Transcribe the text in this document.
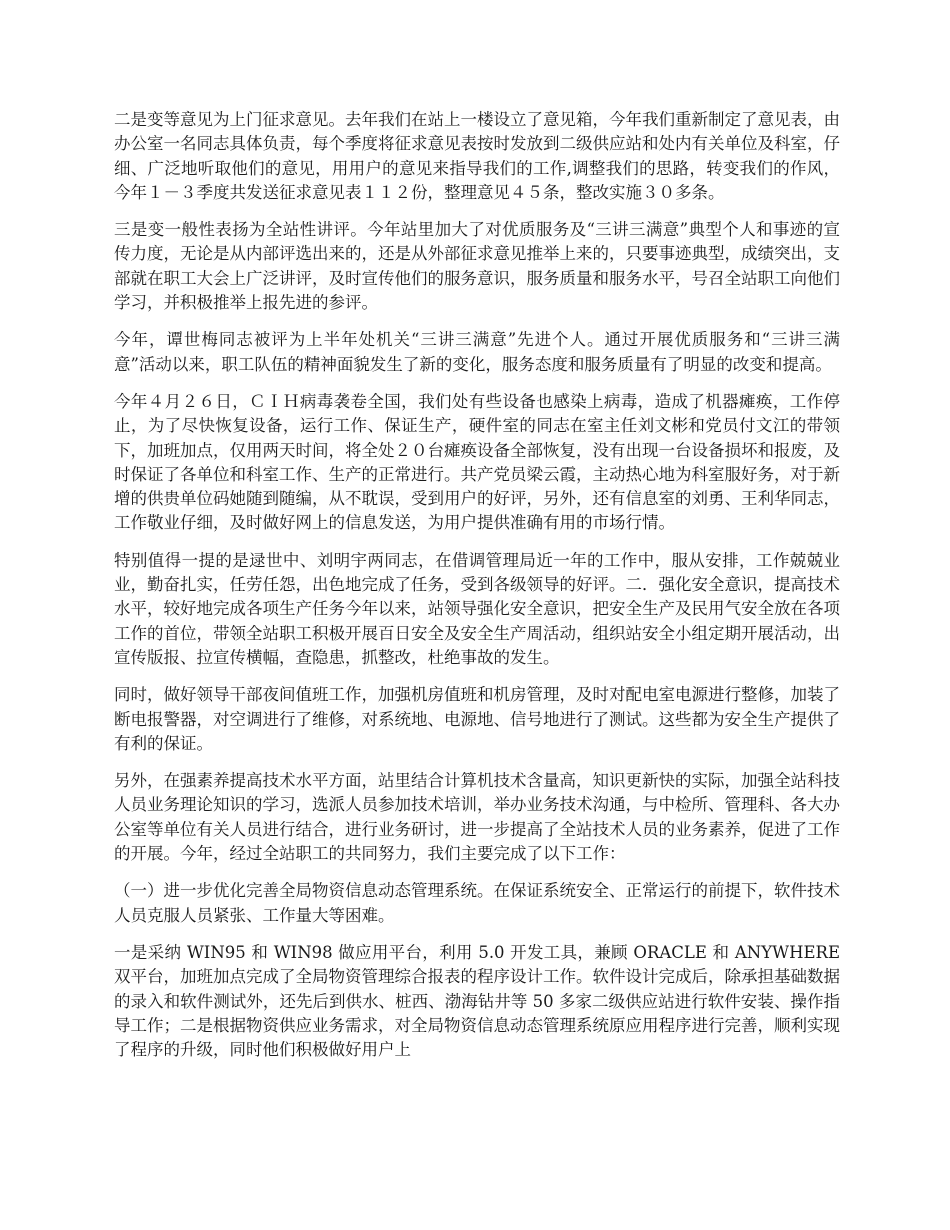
二是变等意见为上门征求意见。去年我们在站上一楼设立了意见箱，今年我们重新制定了意见表，由办公室一名同志具体负责，每个季度将征求意见表按时发放到二级供应站和处内有关单位及科室，仔细、广泛地听取他们的意见，用用户的意见来指导我们的工作,调整我们的思路，转变我们的作风，今年１－３季度共发送征求意见表１１２份，整理意见４５条，整改实施３０多条。

三是变一般性表扬为全站性讲评。今年站里加大了对优质服务及“三讲三满意”典型个人和事迹的宣传力度，无论是从内部评选出来的，还是从外部征求意见推举上来的，只要事迹典型，成绩突出，支部就在职工大会上广泛讲评，及时宣传他们的服务意识，服务质量和服务水平，号召全站职工向他们学习，并积极推举上报先进的参评。

今年，谭世梅同志被评为上半年处机关“三讲三满意”先进个人。通过开展优质服务和“三讲三满意”活动以来，职工队伍的精神面貌发生了新的变化，服务态度和服务质量有了明显的改变和提高。

今年４月２６日，ＣＩＨ病毒袭卷全国，我们处有些设备也感染上病毒，造成了机器瘫痪，工作停止，为了尽快恢复设备，运行工作、保证生产，硬件室的同志在室主任刘文彬和党员付文江的带领下，加班加点，仅用两天时间，将全处２０台瘫痪设备全部恢复，没有出现一台设备损坏和报废，及时保证了各单位和科室工作、生产的正常进行。共产党员梁云霞，主动热心地为科室服好务，对于新增的供贵单位码她随到随编，从不耽误，受到用户的好评，另外，还有信息室的刘勇、王利华同志，工作敬业仔细，及时做好网上的信息发送，为用户提供准确有用的市场行情。

特别值得一提的是逯世中、刘明宇两同志，在借调管理局近一年的工作中，服从安排，工作兢兢业业，勤奋扎实，任劳任怨，出色地完成了任务，受到各级领导的好评。二．强化安全意识，提高技术水平，较好地完成各项生产任务今年以来，站领导强化安全意识，把安全生产及民用气安全放在各项工作的首位，带领全站职工积极开展百日安全及安全生产周活动，组织站安全小组定期开展活动，出宣传版报、拉宣传横幅，查隐患，抓整改，杜绝事故的发生。

同时，做好领导干部夜间值班工作，加强机房值班和机房管理，及时对配电室电源进行整修，加装了断电报警器，对空调进行了维修，对系统地、电源地、信号地进行了测试。这些都为安全生产提供了有利的保证。

另外，在强素养提高技术水平方面，站里结合计算机技术含量高，知识更新快的实际，加强全站科技人员业务理论知识的学习，选派人员参加技术培训，举办业务技术沟通，与中检所、管理科、各大办公室等单位有关人员进行结合，进行业务研讨，进一步提高了全站技术人员的业务素养，促进了工作的开展。今年，经过全站职工的共同努力，我们主要完成了以下工作：

（一）进一步优化完善全局物资信息动态管理系统。在保证系统安全、正常运行的前提下，软件技术人员克服人员紧张、工作量大等困难。

一是采纳 WIN95 和 WIN98 做应用平台，利用 5.0 开发工具，兼顾 ORACLE 和 ANYWHERE 双平台，加班加点完成了全局物资管理综合报表的程序设计工作。软件设计完成后，除承担基础数据的录入和软件测试外，还先后到供水、桩西、渤海钻井等 50 多家二级供应站进行软件安装、操作指导工作；二是根据物资供应业务需求，对全局物资信息动态管理系统原应用程序进行完善，顺利实现了程序的升级，同时他们积极做好用户上
